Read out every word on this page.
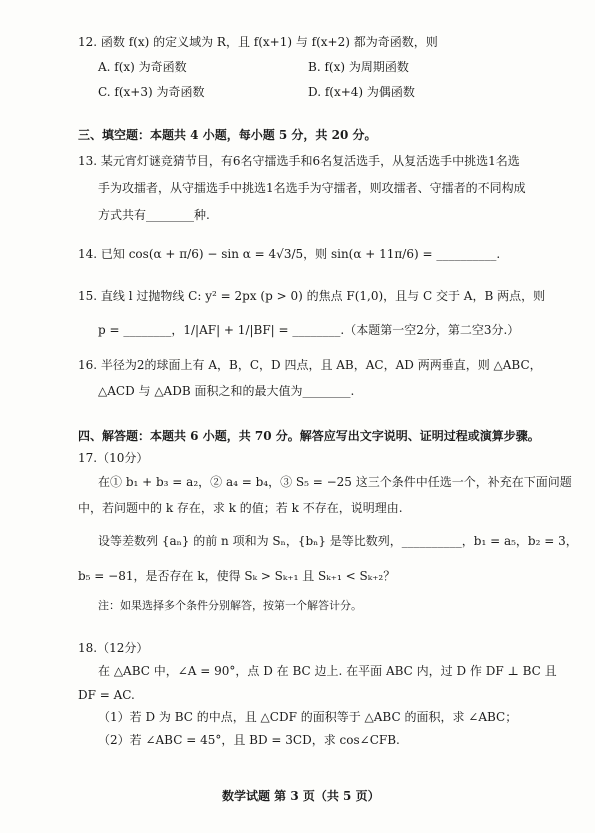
12. 函数 f(x) 的定义域为 R，且 f(x+1) 与 f(x+2) 都为奇函数，则
A. f(x) 为奇函数	B. f(x) 为周期函数
C. f(x+3) 为奇函数	D. f(x+4) 为偶函数
三、填空题：本题共 4 小题，每小题 5 分，共 20 分。
13. 某元宵灯谜竞猜节目，有6名守擂选手和6名复活选手，从复活选手中挑选1名选
手为攻擂者，从守擂选手中挑选1名选手为守擂者，则攻擂者、守擂者的不同构成
方式共有________种.
14. 已知 cos(α + π/6) − sin α = 4√3/5，则 sin(α + 11π/6) = __________.
15. 直线 l 过抛物线 C: y² = 2px (p > 0) 的焦点 F(1,0)，且与 C 交于 A，B 两点，则
p = ________，1/|AF| + 1/|BF| = ________.（本题第一空2分，第二空3分.）
16. 半径为2的球面上有 A，B，C，D 四点，且 AB，AC，AD 两两垂直，则 △ABC，
△ACD 与 △ADB 面积之和的最大值为________.
四、解答题：本题共 6 小题，共 70 分。解答应写出文字说明、证明过程或演算步骤。
17.（10分）
在① b₁ + b₃ = a₂，② a₄ = b₄，③ S₅ = −25 这三个条件中任选一个，补充在下面问题
中，若问题中的 k 存在，求 k 的值；若 k 不存在，说明理由.
设等差数列 {aₙ} 的前 n 项和为 Sₙ，{bₙ} 是等比数列，__________，b₁ = a₅，b₂ = 3，
b₅ = −81，是否存在 k，使得 Sₖ > Sₖ₊₁ 且 Sₖ₊₁ < Sₖ₊₂？
注：如果选择多个条件分别解答，按第一个解答计分。
18.（12分）
在 △ABC 中，∠A = 90°，点 D 在 BC 边上. 在平面 ABC 内，过 D 作 DF ⊥ BC 且
DF = AC.
（1）若 D 为 BC 的中点，且 △CDF 的面积等于 △ABC 的面积，求 ∠ABC；
（2）若 ∠ABC = 45°，且 BD = 3CD，求 cos∠CFB.
数学试题 第 3 页（共 5 页）
